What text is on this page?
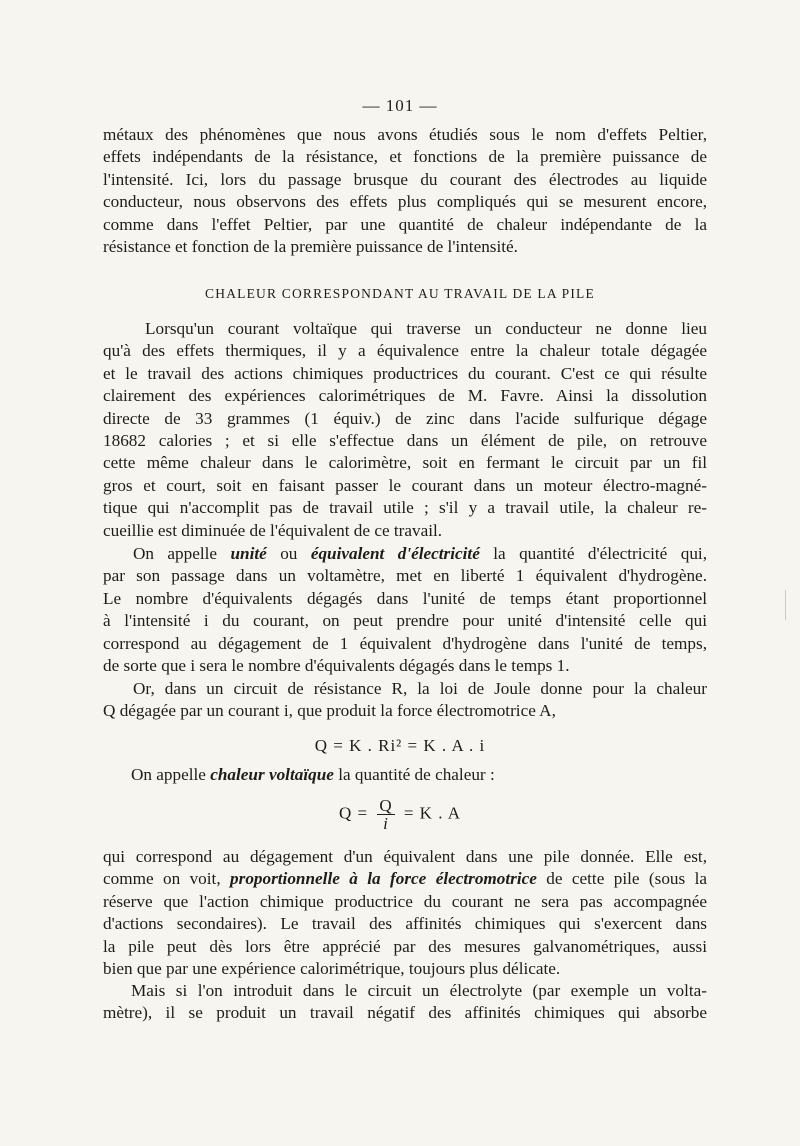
— 101 —
métaux des phénomènes que nous avons étudiés sous le nom d'effets Peltier,
effets indépendants de la résistance, et fonctions de la première puissance de
l'intensité. Ici, lors du passage brusque du courant des électrodes au liquide
conducteur, nous observons des effets plus compliqués qui se mesurent encore,
comme dans l'effet Peltier, par une quantité de chaleur indépendante de la
résistance et fonction de la première puissance de l'intensité.
CHALEUR CORRESPONDANT AU TRAVAIL DE LA PILE
Lorsqu'un courant voltaïque qui traverse un conducteur ne donne lieu
qu'à des effets thermiques, il y a équivalence entre la chaleur totale dégagée
et le travail des actions chimiques productrices du courant. C'est ce qui résulte
clairement des expériences calorimétriques de M. Favre. Ainsi la dissolution
directe de 33 grammes (1 équiv.) de zinc dans l'acide sulfurique dégage
18682 calories ; et si elle s'effectue dans un élément de pile, on retrouve
cette même chaleur dans le calorimètre, soit en fermant le circuit par un fil
gros et court, soit en faisant passer le courant dans un moteur électro-magné-
tique qui n'accomplit pas de travail utile ; s'il y a travail utile, la chaleur re-
cueillie est diminuée de l'équivalent de ce travail.
On appelle unité ou équivalent d'électricité la quantité d'électricité qui,
par son passage dans un voltamètre, met en liberté 1 équivalent d'hydrogène.
Le nombre d'équivalents dégagés dans l'unité de temps étant proportionnel
à l'intensité i du courant, on peut prendre pour unité d'intensité celle qui
correspond au dégagement de 1 équivalent d'hydrogène dans l'unité de temps,
de sorte que i sera le nombre d'équivalents dégagés dans le temps 1.
Or, dans un circuit de résistance R, la loi de Joule donne pour la chaleur
Q dégagée par un courant i, que produit la force électromotrice A,
Q = K . Ri² = K . A . i
On appelle chaleur voltaïque la quantité de chaleur :
$Q = \frac{Q}{i} = K$ . A
qui correspond au dégagement d'un équivalent dans une pile donnée. Elle est,
comme on voit, proportionnelle à la force électromotrice de cette pile (sous la
réserve que l'action chimique productrice du courant ne sera pas accompagnée
d'actions secondaires). Le travail des affinités chimiques qui s'exercent dans
la pile peut dès lors être apprécié par des mesures galvanométriques, aussi
bien que par une expérience calorimétrique, toujours plus délicate.
Mais si l'on introduit dans le circuit un électrolyte (par exemple un volta-
mètre), il se produit un travail négatif des affinités chimiques qui absorbe
